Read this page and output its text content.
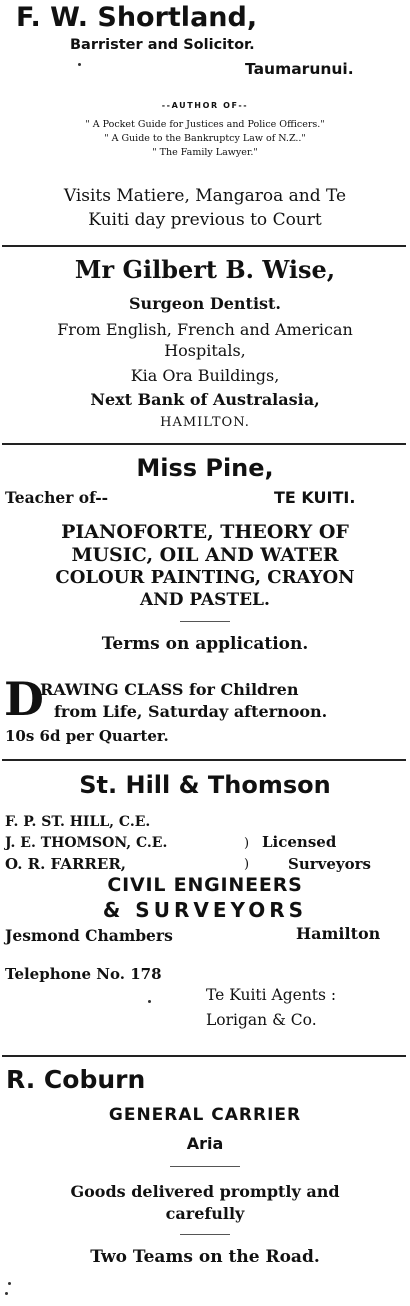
F. W. Shortland,
Barrister and Solicitor.
Taumarunui.
--AUTHOR OF--
" A Pocket Guide for Justices and Police Officers."
" A Guide to the Bankruptcy Law of N.Z.."
" The Family Lawyer."
Visits Matiere, Mangaroa and Te
Kuiti day previous to Court
Mr Gilbert B. Wise,
Surgeon Dentist.
From English, French and American
Hospitals,
Kia Ora Buildings,
Next Bank of Australasia,
HAMILTON.
Miss Pine,
Teacher of--	TE KUITI.
PIANOFORTE, THEORY OF
MUSIC, OIL AND WATER
COLOUR PAINTING, CRAYON
AND PASTEL.
Terms on application.
D
RAWING CLASS for Children
from Life, Saturday afternoon.
10s 6d per Quarter.
St. Hill & Thomson
F. P. ST. HILL, C.E.
J. E. THOMSON, C.E.	) Licensed
O. R. FARRER,	)	Surveyors
CIVIL ENGINEERS
& SURVEYORS
Jesmond Chambers	Hamilton
Telephone No. 178
Te Kuiti Agents :
Lorigan & Co.
R. Coburn
GENERAL CARRIER
Aria
Goods delivered promptly and
carefully
Two Teams on the Road.
